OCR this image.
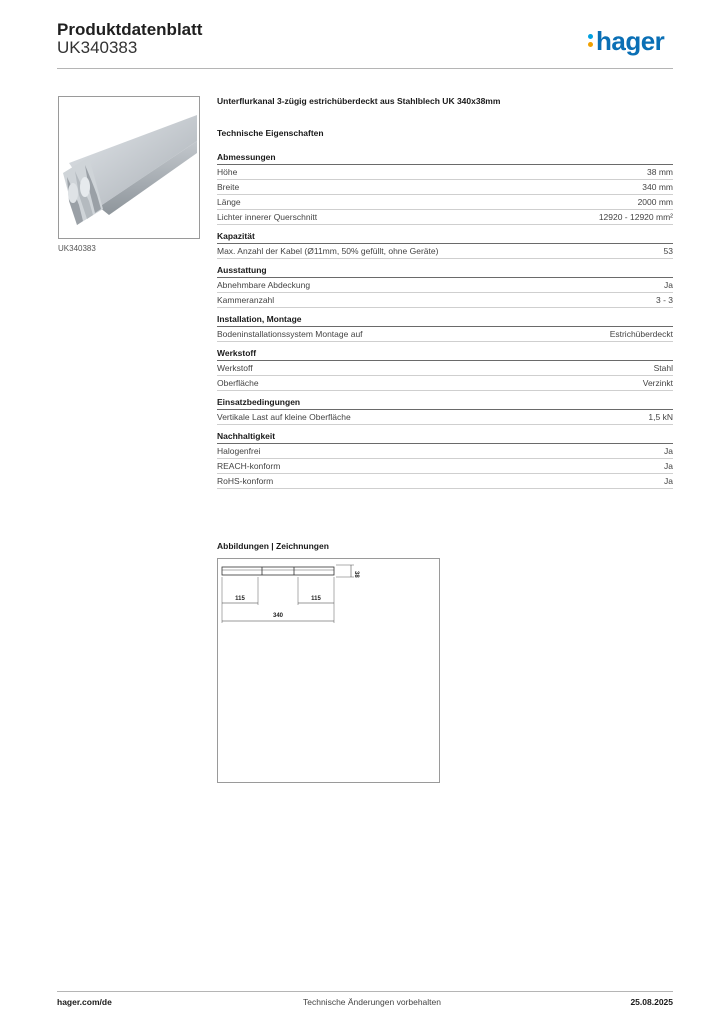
Produktdatenblatt
UK340383	hager
UK340383
Unterflurkanal 3-zügig estrichüberdeckt aus Stahlblech UK 340x38mm
Technische Eigenschaften
Abmessungen
Höhe	38 mm
Breite	340 mm
Länge	2000 mm
Lichter innerer Querschnitt	12920 - 12920 mm²
Kapazität
Max. Anzahl der Kabel (Ø11mm, 50% gefüllt, ohne Geräte)	53
Ausstattung
Abnehmbare Abdeckung	Ja
Kammeranzahl	3 - 3
Installation, Montage
Bodeninstallationssystem Montage auf	Estrichüberdeckt
Werkstoff
Werkstoff	Stahl
Oberfläche	Verzinkt
Einsatzbedingungen
Vertikale Last auf kleine Oberfläche	1,5 kN
Nachhaltigkeit
Halogenfrei	Ja
REACH-konform	Ja
RoHS-konform	Ja
Abbildungen | Zeichnungen
38
115	115
340
hager.com/de	Technische Änderungen vorbehalten	25.08.2025
